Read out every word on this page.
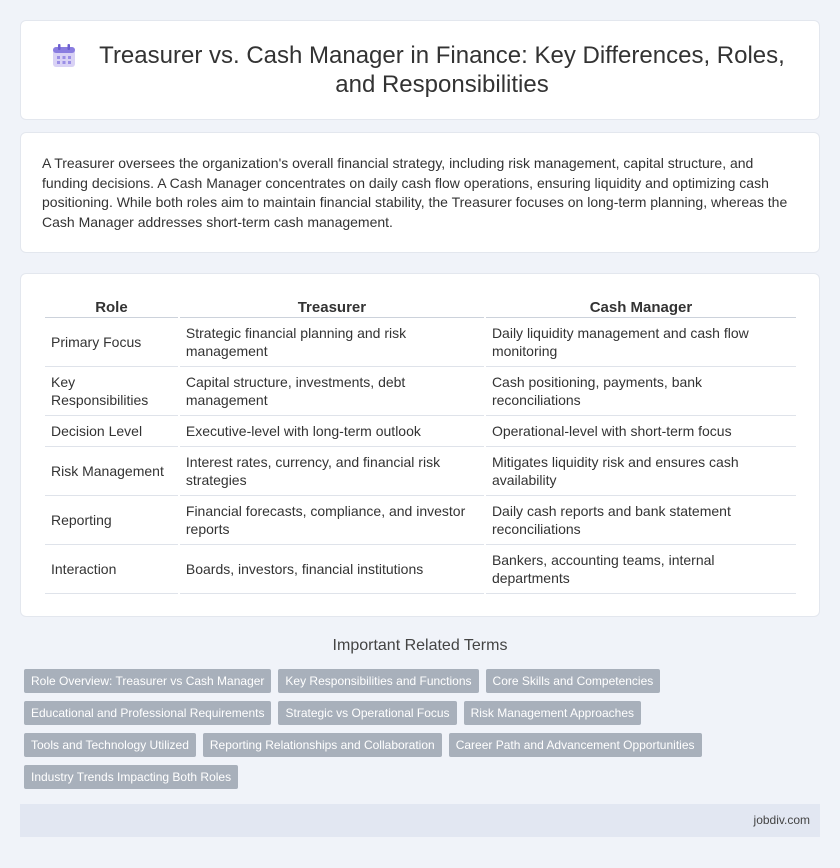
Treasurer vs. Cash Manager in Finance: Key Differences, Roles, and Responsibilities

A Treasurer oversees the organization's overall financial strategy, including risk management, capital structure, and funding decisions. A Cash Manager concentrates on daily cash flow operations, ensuring liquidity and optimizing cash positioning. While both roles aim to maintain financial stability, the Treasurer focuses on long-term planning, whereas the Cash Manager addresses short-term cash management.

Role	Treasurer	Cash Manager
Primary Focus	Strategic financial planning and risk management	Daily liquidity management and cash flow monitoring
Key Responsibilities	Capital structure, investments, debt management	Cash positioning, payments, bank reconciliations
Decision Level	Executive-level with long-term outlook	Operational-level with short-term focus
Risk Management	Interest rates, currency, and financial risk strategies	Mitigates liquidity risk and ensures cash availability
Reporting	Financial forecasts, compliance, and investor reports	Daily cash reports and bank statement reconciliations
Interaction	Boards, investors, financial institutions	Bankers, accounting teams, internal departments
Important Related Terms
Role Overview: Treasurer vs Cash Manager	Key Responsibilities and Functions	Core Skills and Competencies
Educational and Professional Requirements	Strategic vs Operational Focus	Risk Management Approaches
Tools and Technology Utilized	Reporting Relationships and Collaboration	Career Path and Advancement Opportunities
Industry Trends Impacting Both Roles
jobdiv.com
